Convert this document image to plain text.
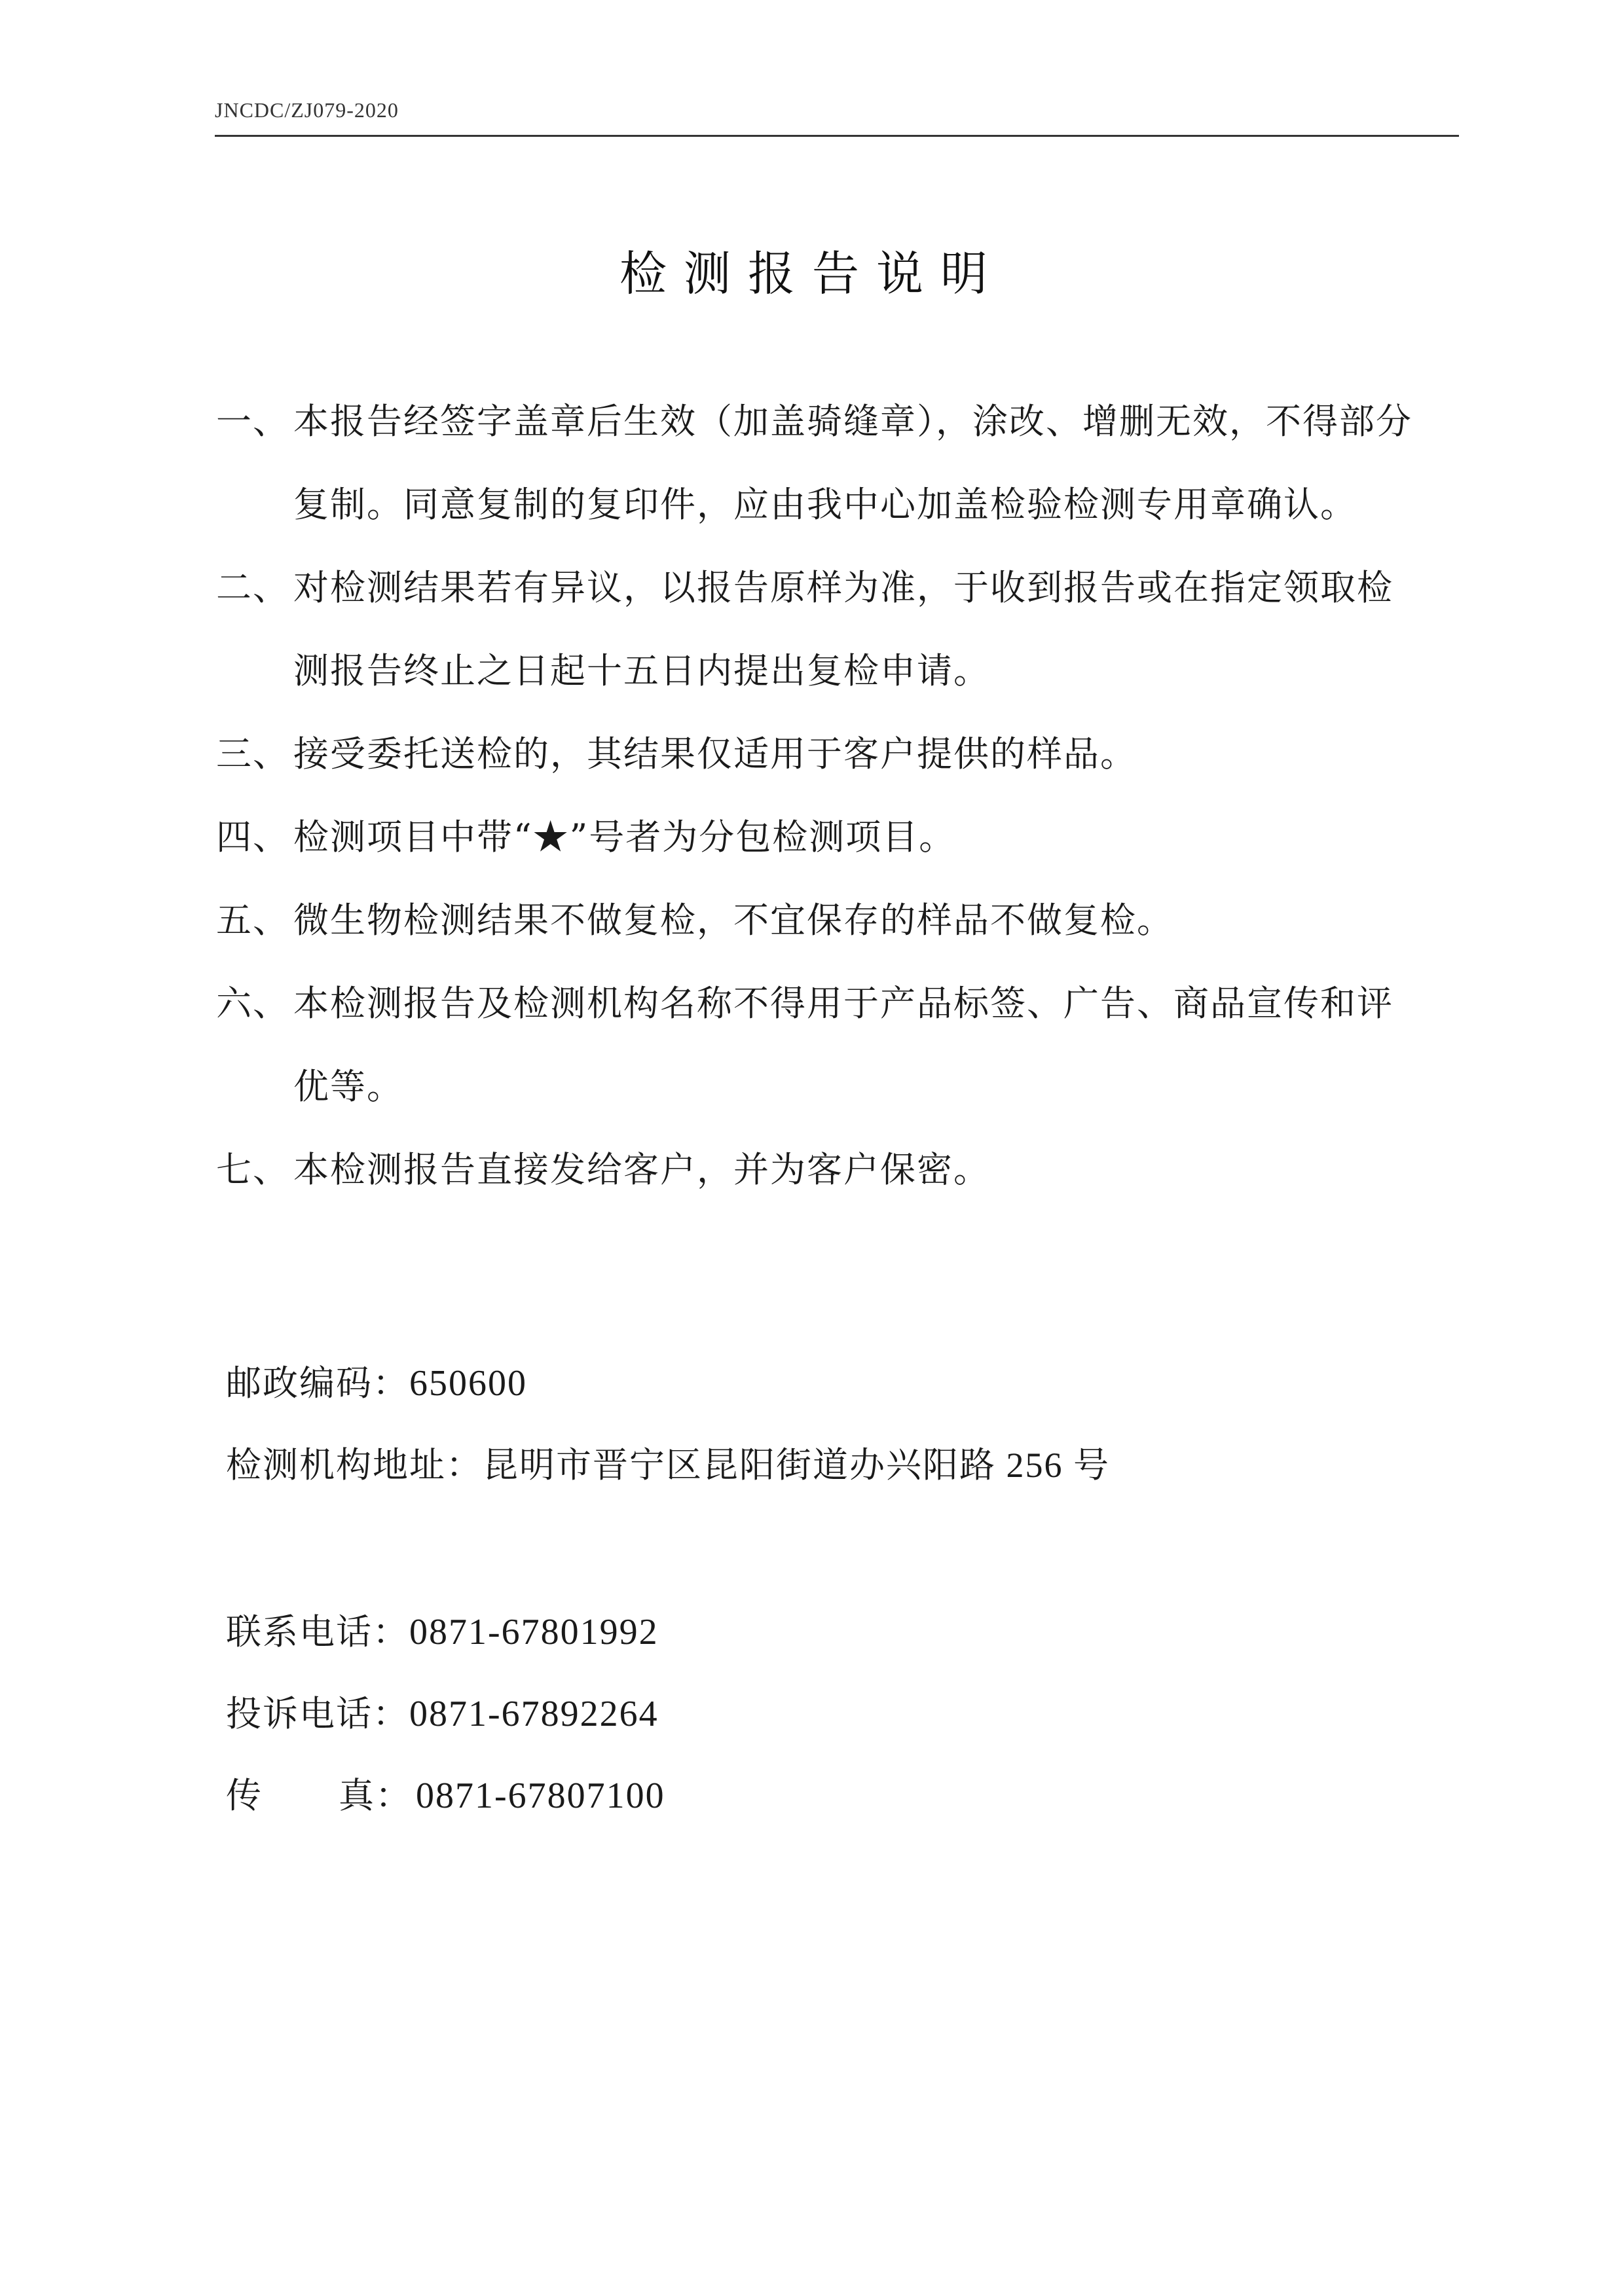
JNCDC/ZJ079-2020
检测报告说明

一、 本报告经签字盖章后生效（加盖骑缝章），涂改、增删无效，不得部分
复制。同意复制的复印件，应由我中心加盖检验检测专用章确认。

二、 对检测结果若有异议，以报告原样为准，于收到报告或在指定领取检
测报告终止之日起十五日内提出复检申请。

三、 接受委托送检的，其结果仅适用于客户提供的样品。

四、 检测项目中带“★”号者为分包检测项目。

五、 微生物检测结果不做复检，不宜保存的样品不做复检。

六、 本检测报告及检测机构名称不得用于产品标签、广告、商品宣传和评
优等。

七、 本检测报告直接发给客户，并为客户保密。

邮政编码：650600
检测机构地址：昆明市晋宁区昆阳街道办兴阳路 256 号
联系电话：0871-67801992
投诉电话：0871-67892264
传 真： 0871-67807100
